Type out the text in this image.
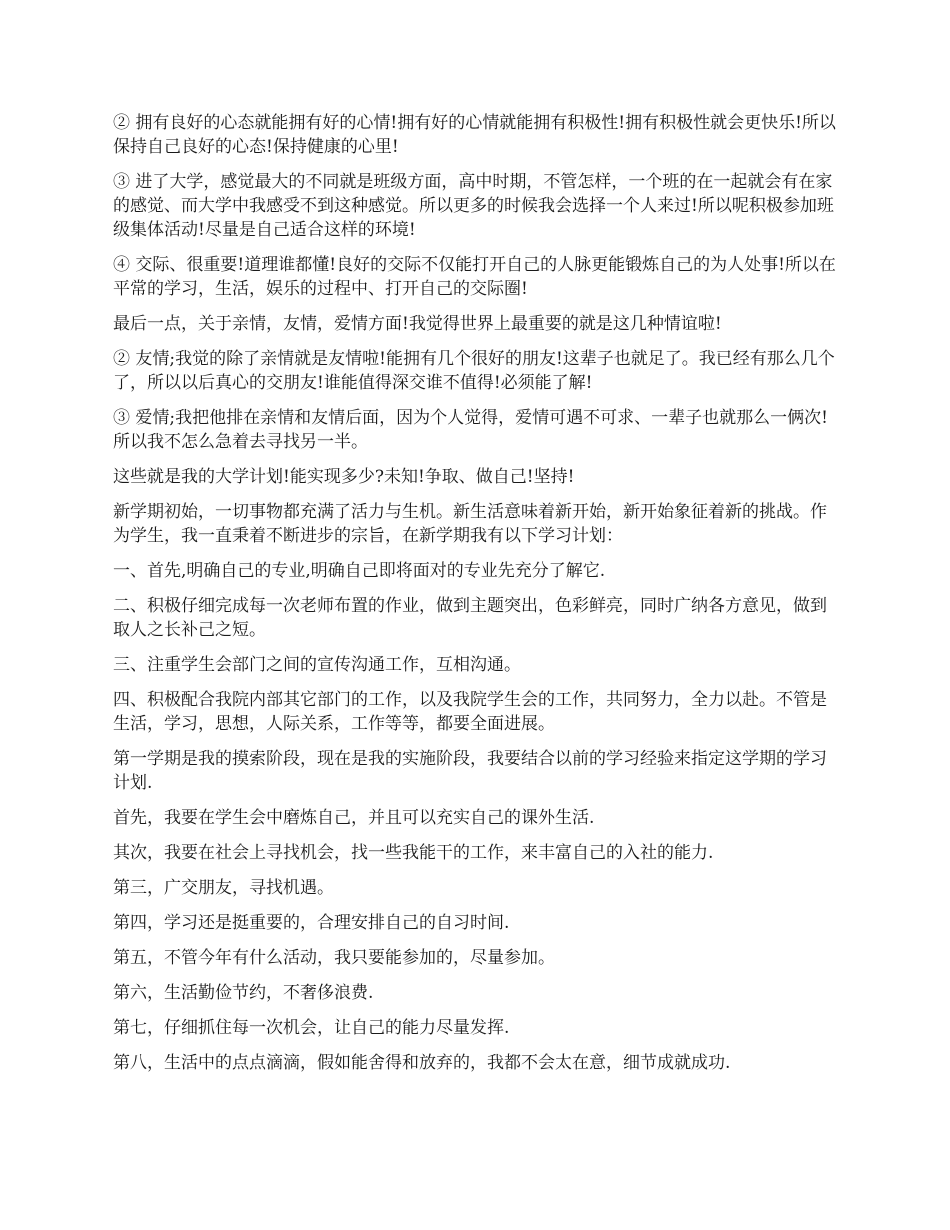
② 拥有良好的心态就能拥有好的心情!拥有好的心情就能拥有积极性!拥有积极性就会更快乐!所以保持自己良好的心态!保持健康的心里!

③ 进了大学，感觉最大的不同就是班级方面，高中时期，不管怎样，一个班的在一起就会有在家的感觉、而大学中我感受不到这种感觉。所以更多的时候我会选择一个人来过!所以呢积极参加班级集体活动!尽量是自己适合这样的环境!

④ 交际、很重要!道理谁都懂!良好的交际不仅能打开自己的人脉更能锻炼自己的为人处事!所以在平常的学习，生活，娱乐的过程中、打开自己的交际圈!

最后一点，关于亲情，友情，爱情方面!我觉得世界上最重要的就是这几种情谊啦!

② 友情;我觉的除了亲情就是友情啦!能拥有几个很好的朋友!这辈子也就足了。我已经有那么几个了，所以以后真心的交朋友!谁能值得深交谁不值得!必须能了解!

③ 爱情;我把他排在亲情和友情后面，因为个人觉得，爱情可遇不可求、一辈子也就那么一俩次!所以我不怎么急着去寻找另一半。

这些就是我的大学计划!能实现多少?未知!争取、做自己!坚持!

新学期初始，一切事物都充满了活力与生机。新生活意味着新开始，新开始象征着新的挑战。作为学生，我一直秉着不断进步的宗旨，在新学期我有以下学习计划：

一、首先,明确自己的专业,明确自己即将面对的专业先充分了解它.

二、积极仔细完成每一次老师布置的作业，做到主题突出，色彩鲜亮，同时广纳各方意见，做到取人之长补己之短。

三、注重学生会部门之间的宣传沟通工作，互相沟通。

四、积极配合我院内部其它部门的工作，以及我院学生会的工作，共同努力，全力以赴。不管是生活，学习，思想，人际关系，工作等等，都要全面进展。

第一学期是我的摸索阶段，现在是我的实施阶段，我要结合以前的学习经验来指定这学期的学习计划.

首先，我要在学生会中磨炼自己，并且可以充实自己的课外生活.

其次，我要在社会上寻找机会，找一些我能干的工作，来丰富自己的入社的能力.

第三，广交朋友，寻找机遇。

第四，学习还是挺重要的，合理安排自己的自习时间.

第五，不管今年有什么活动，我只要能参加的，尽量参加。

第六，生活勤俭节约，不奢侈浪费.

第七，仔细抓住每一次机会，让自己的能力尽量发挥.

第八，生活中的点点滴滴，假如能舍得和放弃的，我都不会太在意，细节成就成功.
